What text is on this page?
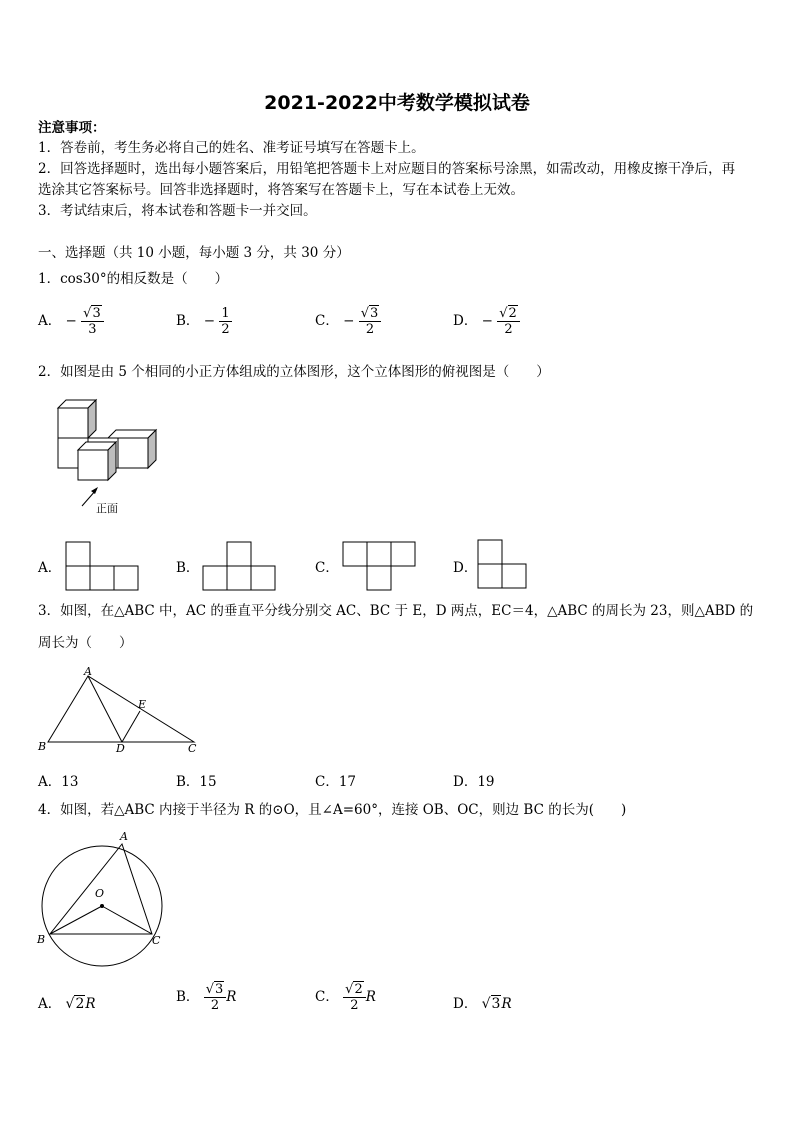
2021-2022中考数学模拟试卷
注意事项：
1．答卷前，考生务必将自己的姓名、准考证号填写在答题卡上。
2．回答选择题时，选出每小题答案后，用铅笔把答题卡上对应题目的答案标号涂黑，如需改动，用橡皮擦干净后，再
选涂其它答案标号。回答非选择题时，将答案写在答题卡上，写在本试卷上无效。
3．考试结束后，将本试卷和答题卡一并交回。
一、选择题（共 10 小题，每小题 3 分，共 30 分）
1．cos30°的相反数是（　　）
A． − $\frac{√3}{3}$	B． − $\frac{1}{2}$	C． − $\frac{√3}{2}$	D． − $\frac{√2}{2}$
2．如图是由 5 个相同的小正方体组成的立体图形，这个立体图形的俯视图是（　　）
正面
A．	B．	C．	D．
3．如图，在△ABC 中，AC 的垂直平分线分别交 AC、BC 于 E，D 两点，EC＝4，△ABC 的周长为 23，则△ABD 的
周长为（　　）
A
B	C
D
E
A．13	B．15	C．17	D．19
4．如图，若△ABC 内接于半径为 R 的⊙O，且∠A=60°，连接 OB、OC，则边 BC 的长为(　　)
A
B	C
O
A． √2R	B． $\frac{√3}{2}$ R	C． $\frac{√2}{2}$ R	D． √3R
